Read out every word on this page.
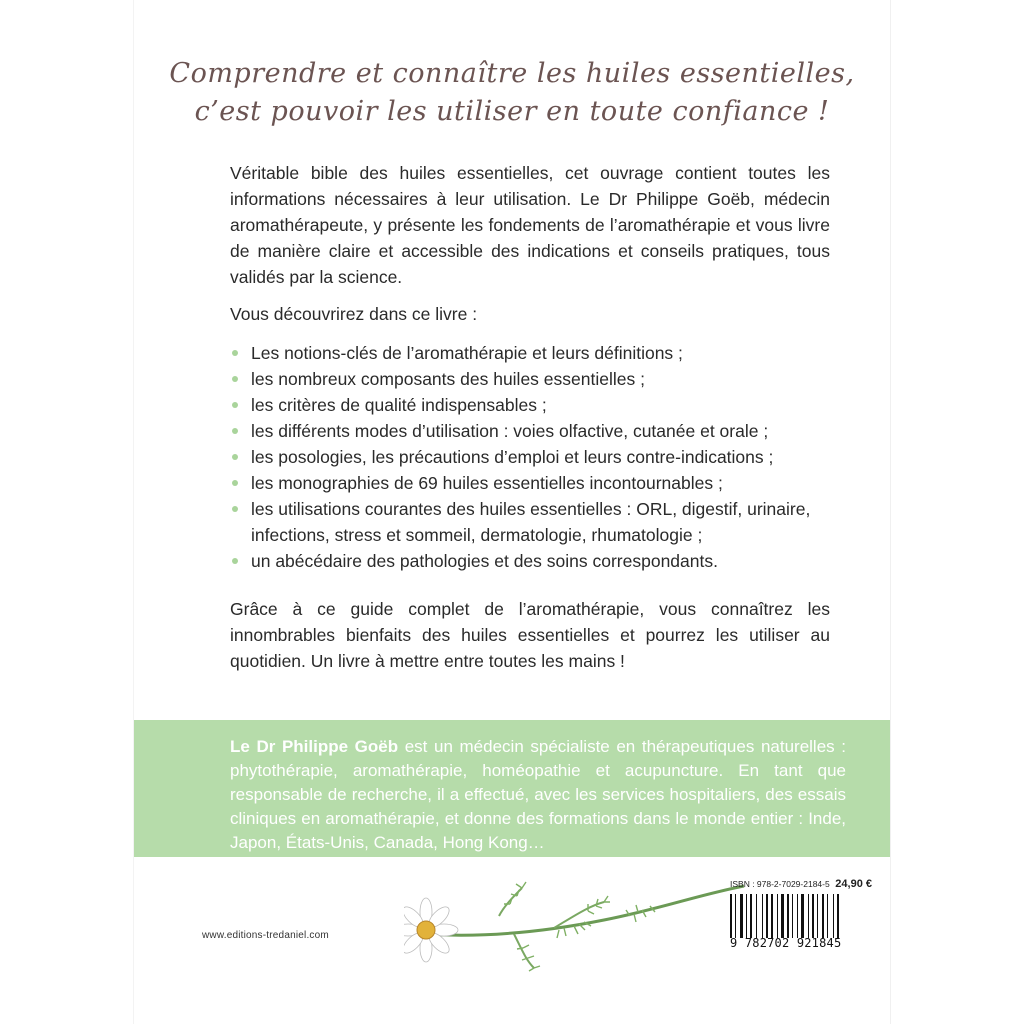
Comprendre et connaître les huiles essentielles,
c’est pouvoir les utiliser en toute confiance !

Véritable bible des huiles essentielles, cet ouvrage contient toutes les informations nécessaires à leur utilisation. Le Dr Philippe Goëb, médecin aromathérapeute, y présente les fondements de l’aromathérapie et vous livre de manière claire et accessible des indications et conseils pratiques, tous validés par la science.

Vous découvrirez dans ce livre :

Les notions-clés de l’aromathérapie et leurs définitions ;
les nombreux composants des huiles essentielles ;
les critères de qualité indispensables ;
les différents modes d’utilisation : voies olfactive, cutanée et orale ;
les posologies, les précautions d’emploi et leurs contre-indications ;
les monographies de 69 huiles essentielles incontournables ;
les utilisations courantes des huiles essentielles : ORL, digestif, urinaire, infections, stress et sommeil, dermatologie, rhumatologie ;
un abécédaire des pathologies et des soins correspondants.

Grâce à ce guide complet de l’aromathérapie, vous connaîtrez les innombrables bienfaits des huiles essentielles et pourrez les utiliser au quotidien. Un livre à mettre entre toutes les mains !

Le Dr Philippe Goëb est un médecin spécialiste en thérapeutiques naturelles : phytothérapie, aromathérapie, homéopathie et acupuncture. En tant que responsable de recherche, il a effectué, avec les services hospitaliers, des essais cliniques en aromathérapie, et donne des formations dans le monde entier : Inde, Japon, États-Unis, Canada, Hong Kong…
www.editions-tredaniel.com
ISBN : 978-2-7029-2184-5 24,90 €
9 782702 921845
